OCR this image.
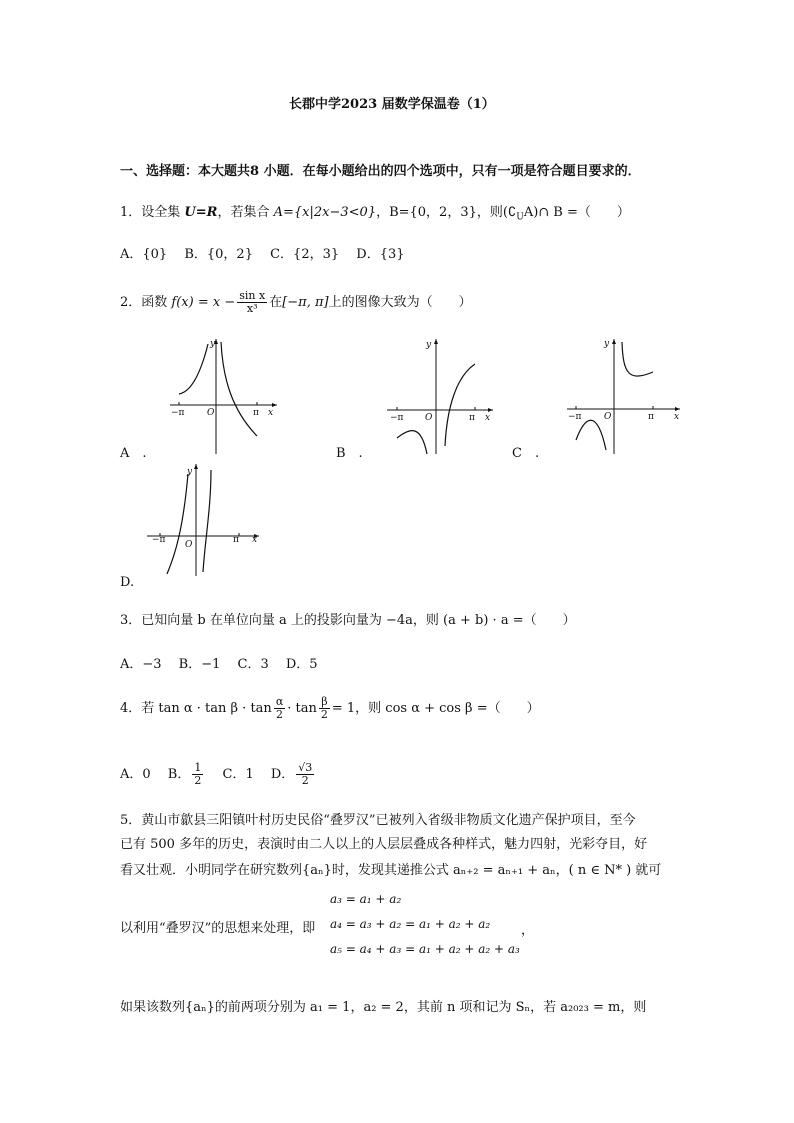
长郡中学2023 届数学保温卷（1）
一、选择题：本大题共8 小题．在每小题给出的四个选项中，只有一项是符合题目要求的．
1．设全集 U=R，若集合 A={x|2x−3<0}，B={0，2，3}，则$(∁_UA)\cap$ B =（　　）
A．{0}　 B．{0，2}　 C．{2，3}　 D．{3}
2．函数 $f(x) = x - \frac{\text{sin x}}{\text{x³}}$ 在[−π, π]上的图像大致为（　　）
y
x
O
−π	π
y
x
O
−π	π
y
x
O
−π	π
A　.	B　.	C　.
y
x
O
−π	π
D.
3．已知向量 b 在单位向量 a 上的投影向量为 −4a，则 (a + b) · a =（　　）
A．−3　 B．−1　 C．3　 D．5
4．若 $\tan \alpha \cdot \tan \beta \cdot \tan \frac{\alpha}{2} \cdot \tan \frac{\beta}{2} = 1$，则 cos α + cos β =（　　）
A．0　 B． $\frac{1}{2}$ 　 C．1　 D． $\frac{√3}{2}$
5．黄山市歙县三阳镇叶村历史民俗“叠罗汉”已被列入省级非物质文化遗产保护项目，至今
已有 500 多年的历史，表演时由二人以上的人层层叠成各种样式，魅力四射，光彩夺目，好
看又壮观．小明同学在研究数列{aₙ}时，发现其递推公式 aₙ₊₂ = aₙ₊₁ + aₙ，( n ∈ N* ) 就可
a₃ = a₁ + a₂
以利用“叠罗汉”的思想来处理，即 a₄ = a₃ + a₂ = a₁ + a₂ + a₂ ，
a₅ = a₄ + a₃ = a₁ + a₂ + a₂ + a₃
如果该数列{aₙ}的前两项分别为 a₁ = 1，a₂ = 2，其前 n 项和记为 Sₙ，若 a₂₀₂₃ = m，则
